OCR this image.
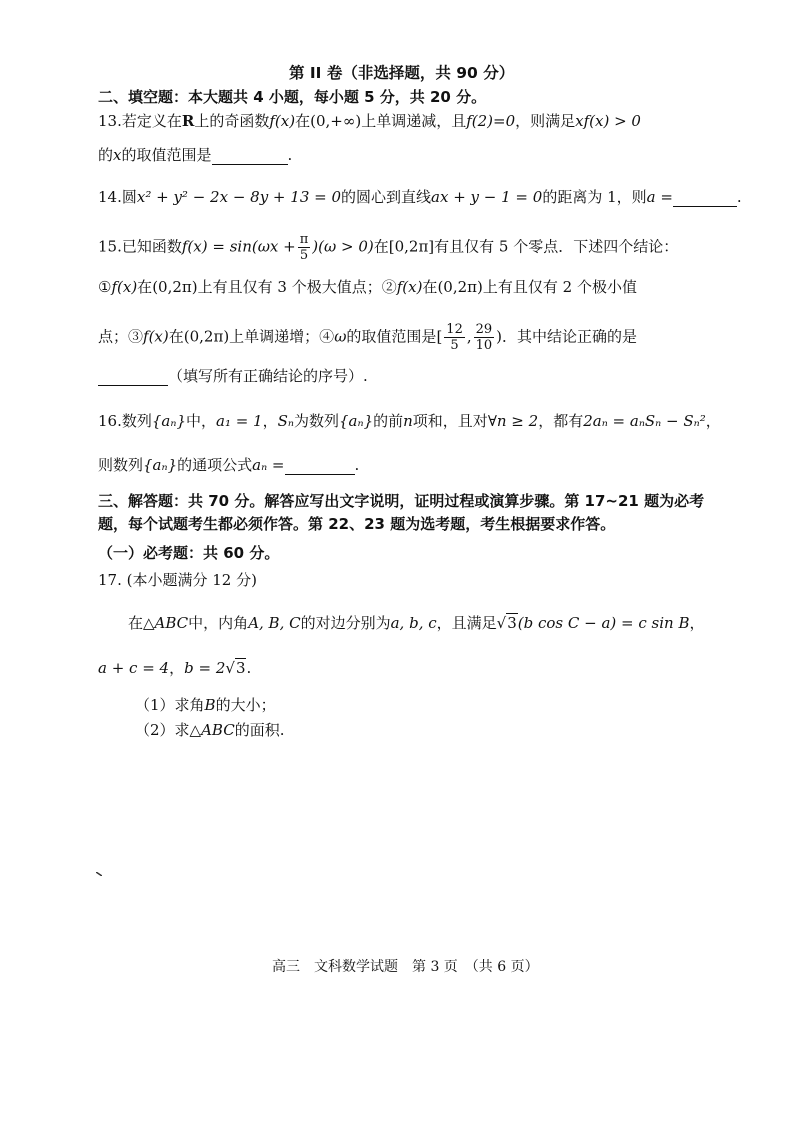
第 II 卷（非选择题，共 90 分）
二、填空题：本大题共 4 小题，每小题 5 分，共 20 分。
13.若定义在R上的奇函数f(x)在(0,+∞)上单调递减，且f(2)=0，则满足xf(x) > 0
的x的取值范围是	.
14.圆x² + y² − 2x − 8y + 13 = 0的圆心到直线ax + y − 1 = 0的距离为 1，则a =	.
15.已知函数$f(x) = \sin(\omega x + \frac{\pi}{5} )(\omega > 0)$在[0,2π]有且仅有 5 个零点．下述四个结论：
①f(x)在(0,2π)上有且仅有 3 个极大值点；②f(x)在(0,2π)上有且仅有 2 个极小值
点；③f(x)在(0,2π)上单调递增；④ω的取值范围是[ $\frac{12}{5}$ , $\frac{29}{10}$ )．其中结论正确的是
（填写所有正确结论的序号）.
16.数列{aₙ}中，a₁ = 1，Sₙ为数列{aₙ}的前n项和，且对∀n ≥ 2，都有2aₙ = aₙSₙ − Sₙ²，
则数列{aₙ}的通项公式aₙ =	.
三、解答题：共 70 分。解答应写出文字说明，证明过程或演算步骤。第 17~21 题为必考
题，每个试题考生都必须作答。第 22、23 题为选考题，考生根据要求作答。
（一）必考题：共 60 分。
17. (本小题满分 12 分)
在△ABC中，内角A, B, C的对边分别为a, b, c，且满足√3(b cos C − a) = c sin B，
a + c = 4，b = 2√3.
（1）求角B的大小；
（2）求△ABC的面积.
高三　文科数学试题　第 3 页　（共 6 页）
